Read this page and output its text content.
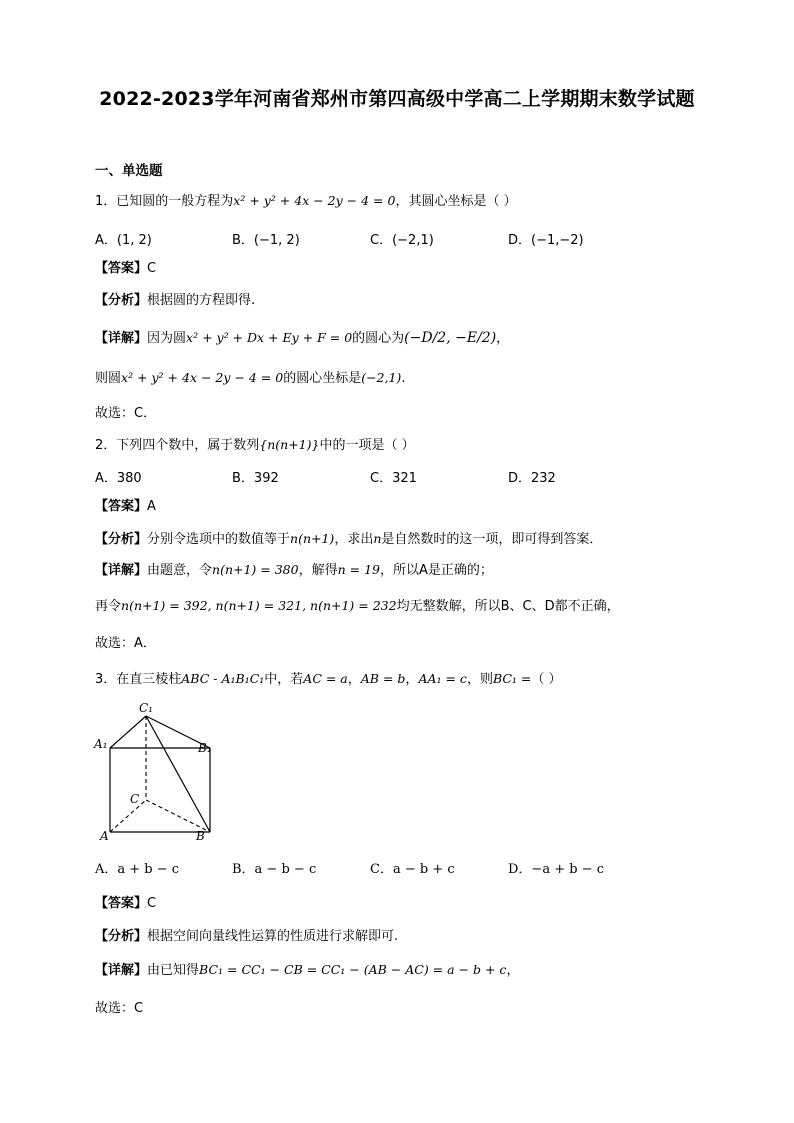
2022-2023学年河南省郑州市第四高级中学高二上学期期末数学试题
一、单选题
1．已知圆的一般方程为x² + y² + 4x − 2y − 4 = 0，其圆心坐标是（ ）
A．(1, 2)	B．(−1, 2)	C．(−2,1)	D．(−1,−2)
【答案】C
【分析】根据圆的方程即得.
【详解】因为圆x² + y² + Dx + Ey + F = 0的圆心为(−D/2, −E/2)，
则圆x² + y² + 4x − 2y − 4 = 0的圆心坐标是(−2,1).
故选：C．
2．下列四个数中，属于数列{n(n+1)}中的一项是（ ）
A．380	B．392	C．321	D．232
【答案】A
【分析】分别令选项中的数值等于n(n+1)，求出n是自然数时的这一项，即可得到答案．
【详解】由题意，令n(n+1) = 380，解得n = 19，所以A是正确的；
再令n(n+1) = 392, n(n+1) = 321, n(n+1) = 232均无整数解，所以B、C、D都不正确，
故选：A．
3．在直三棱柱ABC - A₁B₁C₁中，若AC = a，AB = b，AA₁ = c，则BC₁ =（ ）
C₁
A₁	B₁
C
A	B
A．a + b − c	B．a − b − c	C．a − b + c	D．−a + b − c
【答案】C
【分析】根据空间向量线性运算的性质进行求解即可.
【详解】由已知得BC₁ = CC₁ − CB = CC₁ − (AB − AC) = a − b + c，
故选：C
